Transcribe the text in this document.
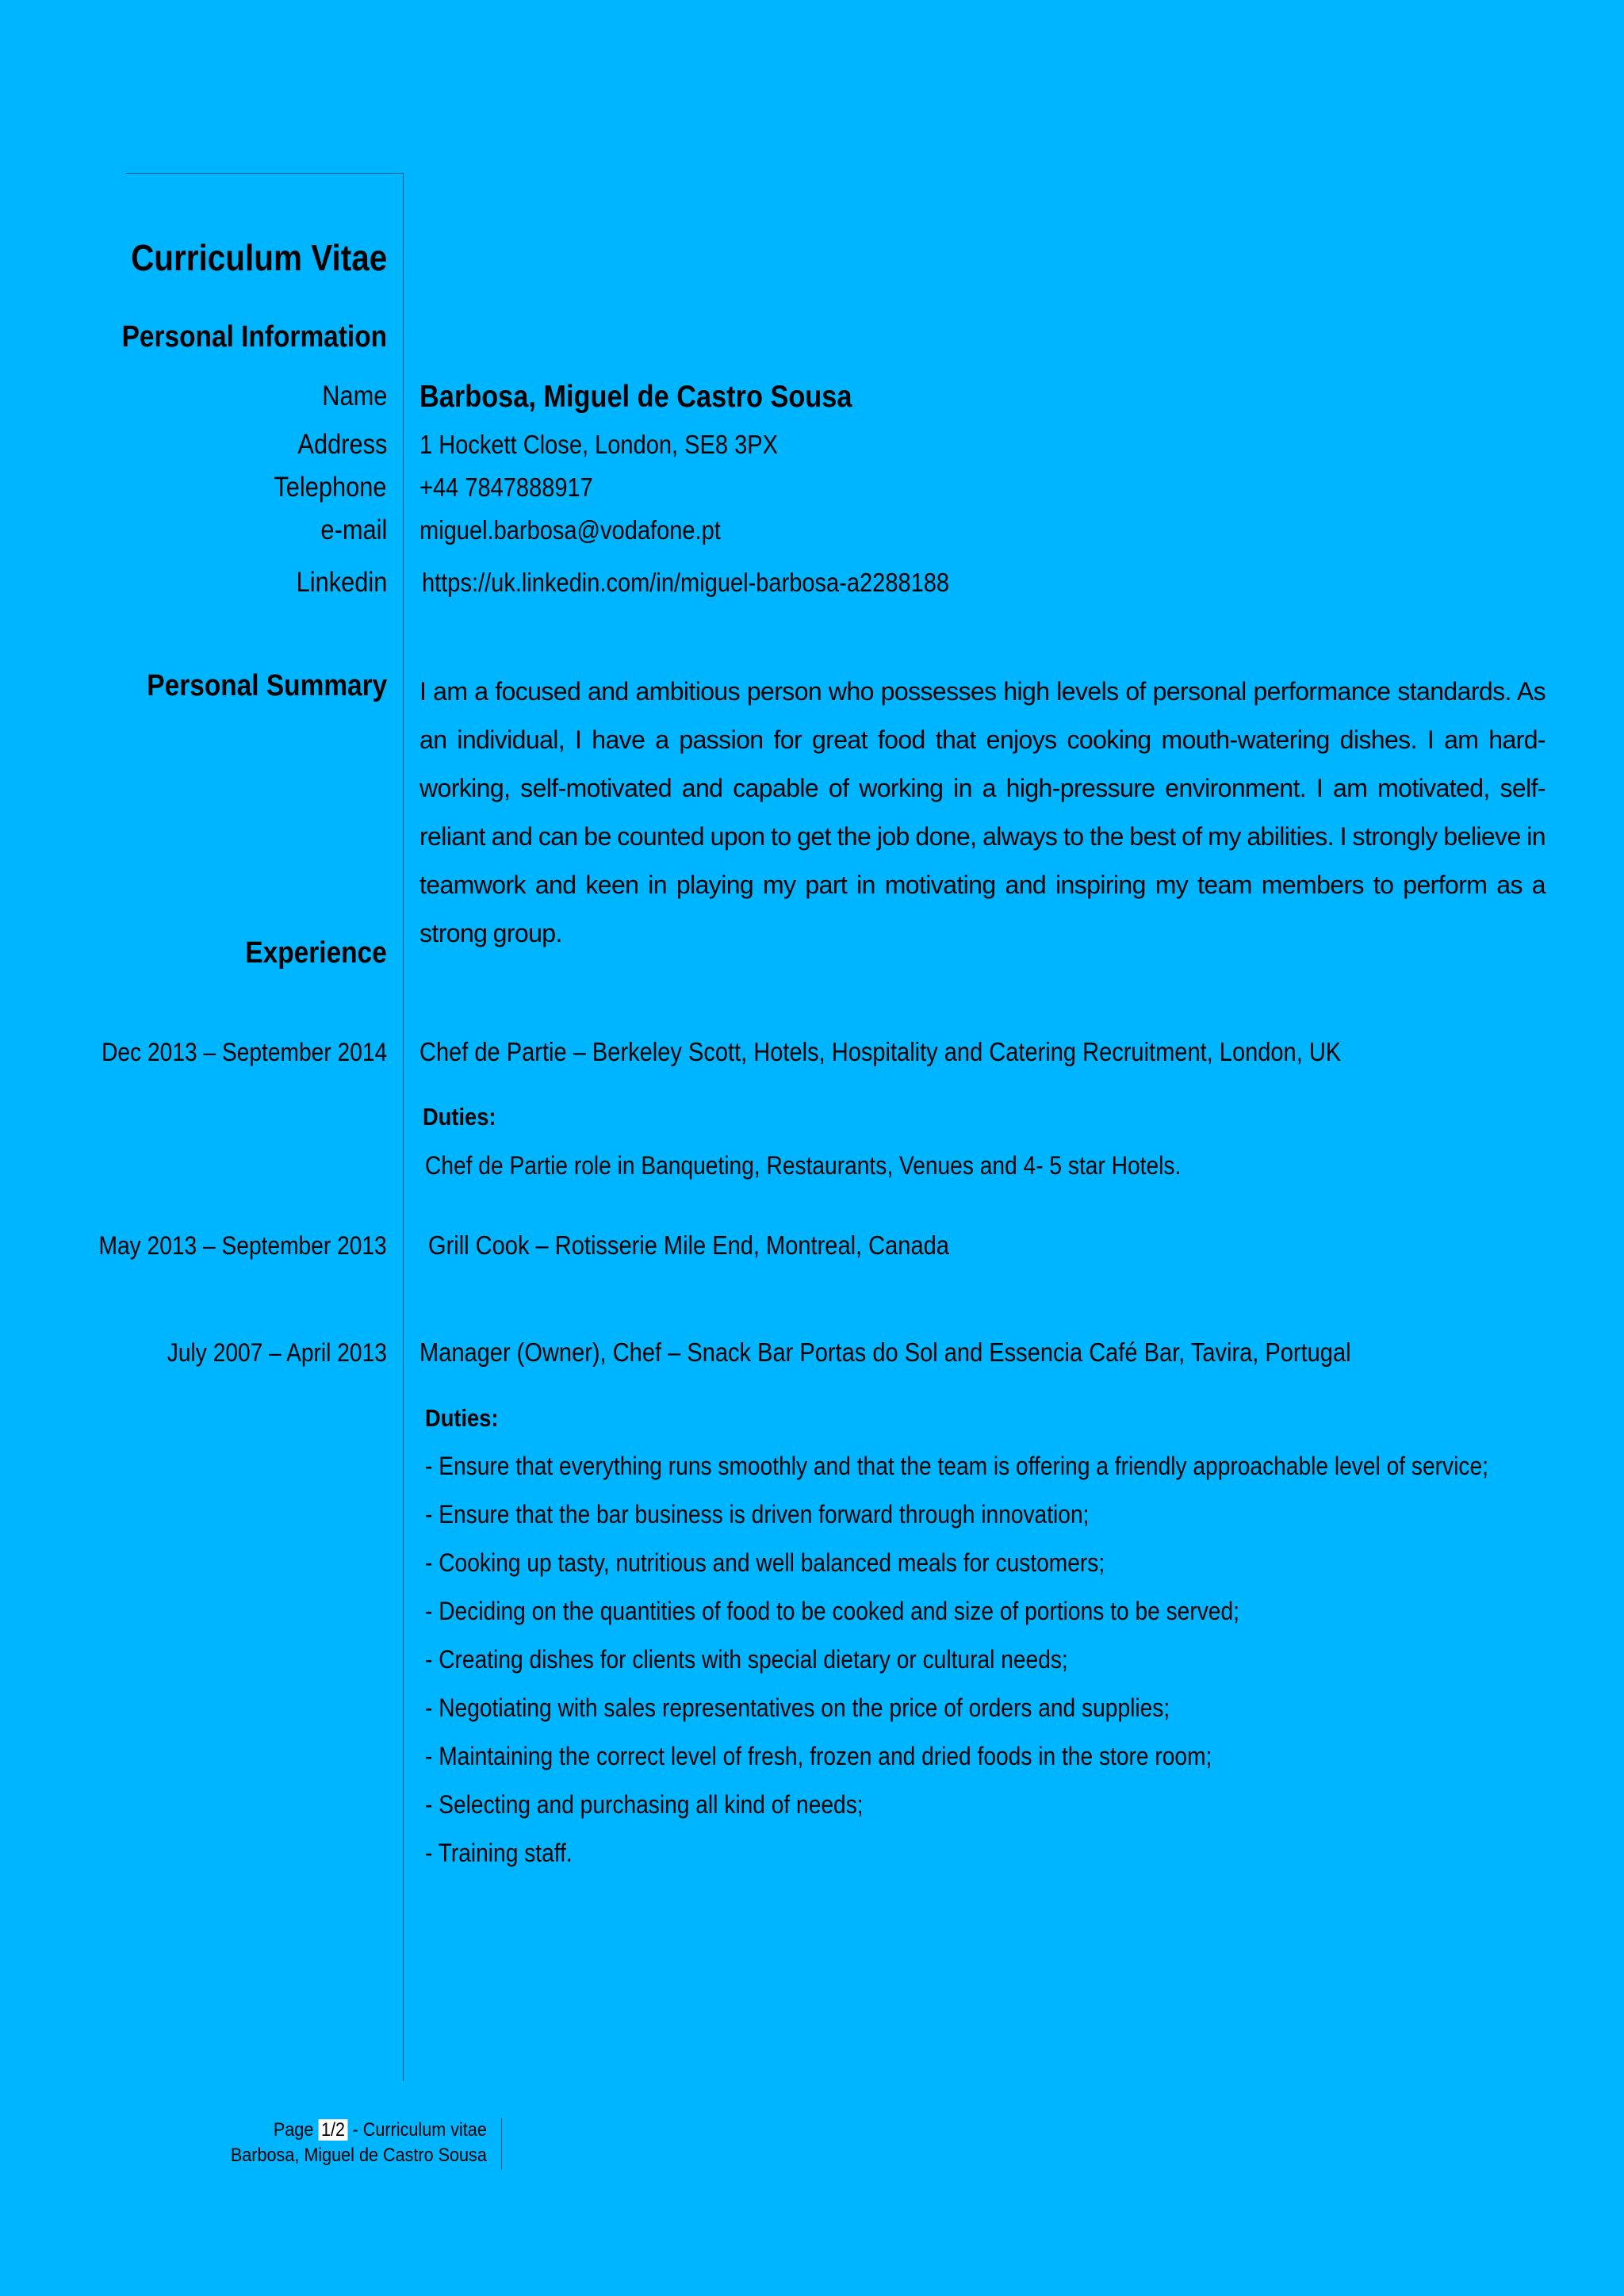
Curriculum Vitae
Personal Information
Name Barbosa, Miguel de Castro Sousa
Address 1 Hockett Close, London, SE8 3PX
Telephone +44 7847888917
e-mail miguel.barbosa@vodafone.pt
Linkedin https://uk.linkedin.com/in/miguel-barbosa-a2288188
Personal Summary I am a focused and ambitious person who possesses high levels of personal performance standards. As an individual, I have a passion for great food that enjoys cooking mouth-watering dishes. I am hard-working, self-motivated and capable of working in a high-pressure environment. I am motivated, self-reliant and can be counted upon to get the job done, always to the best of my abilities. I strongly believe in teamwork and keen in playing my part in motivating and inspiring my team members to perform as a strong group.
Experience
Dec 2013 – September 2014 Chef de Partie – Berkeley Scott, Hotels, Hospitality and Catering Recruitment, London, UK
Duties:
Chef de Partie role in Banqueting, Restaurants, Venues and 4- 5 star Hotels.
May 2013 – September 2013 Grill Cook – Rotisserie Mile End, Montreal, Canada
July 2007 – April 2013 Manager (Owner), Chef – Snack Bar Portas do Sol and Essencia Café Bar, Tavira, Portugal
Duties:
- Ensure that everything runs smoothly and that the team is offering a friendly approachable level of service;
- Ensure that the bar business is driven forward through innovation;
- Cooking up tasty, nutritious and well balanced meals for customers;
- Deciding on the quantities of food to be cooked and size of portions to be served;
- Creating dishes for clients with special dietary or cultural needs;
- Negotiating with sales representatives on the price of orders and supplies;
- Maintaining the correct level of fresh, frozen and dried foods in the store room;
- Selecting and purchasing all kind of needs;
- Training staff.
Page 1/2 - Curriculum vitae
Barbosa, Miguel de Castro Sousa
